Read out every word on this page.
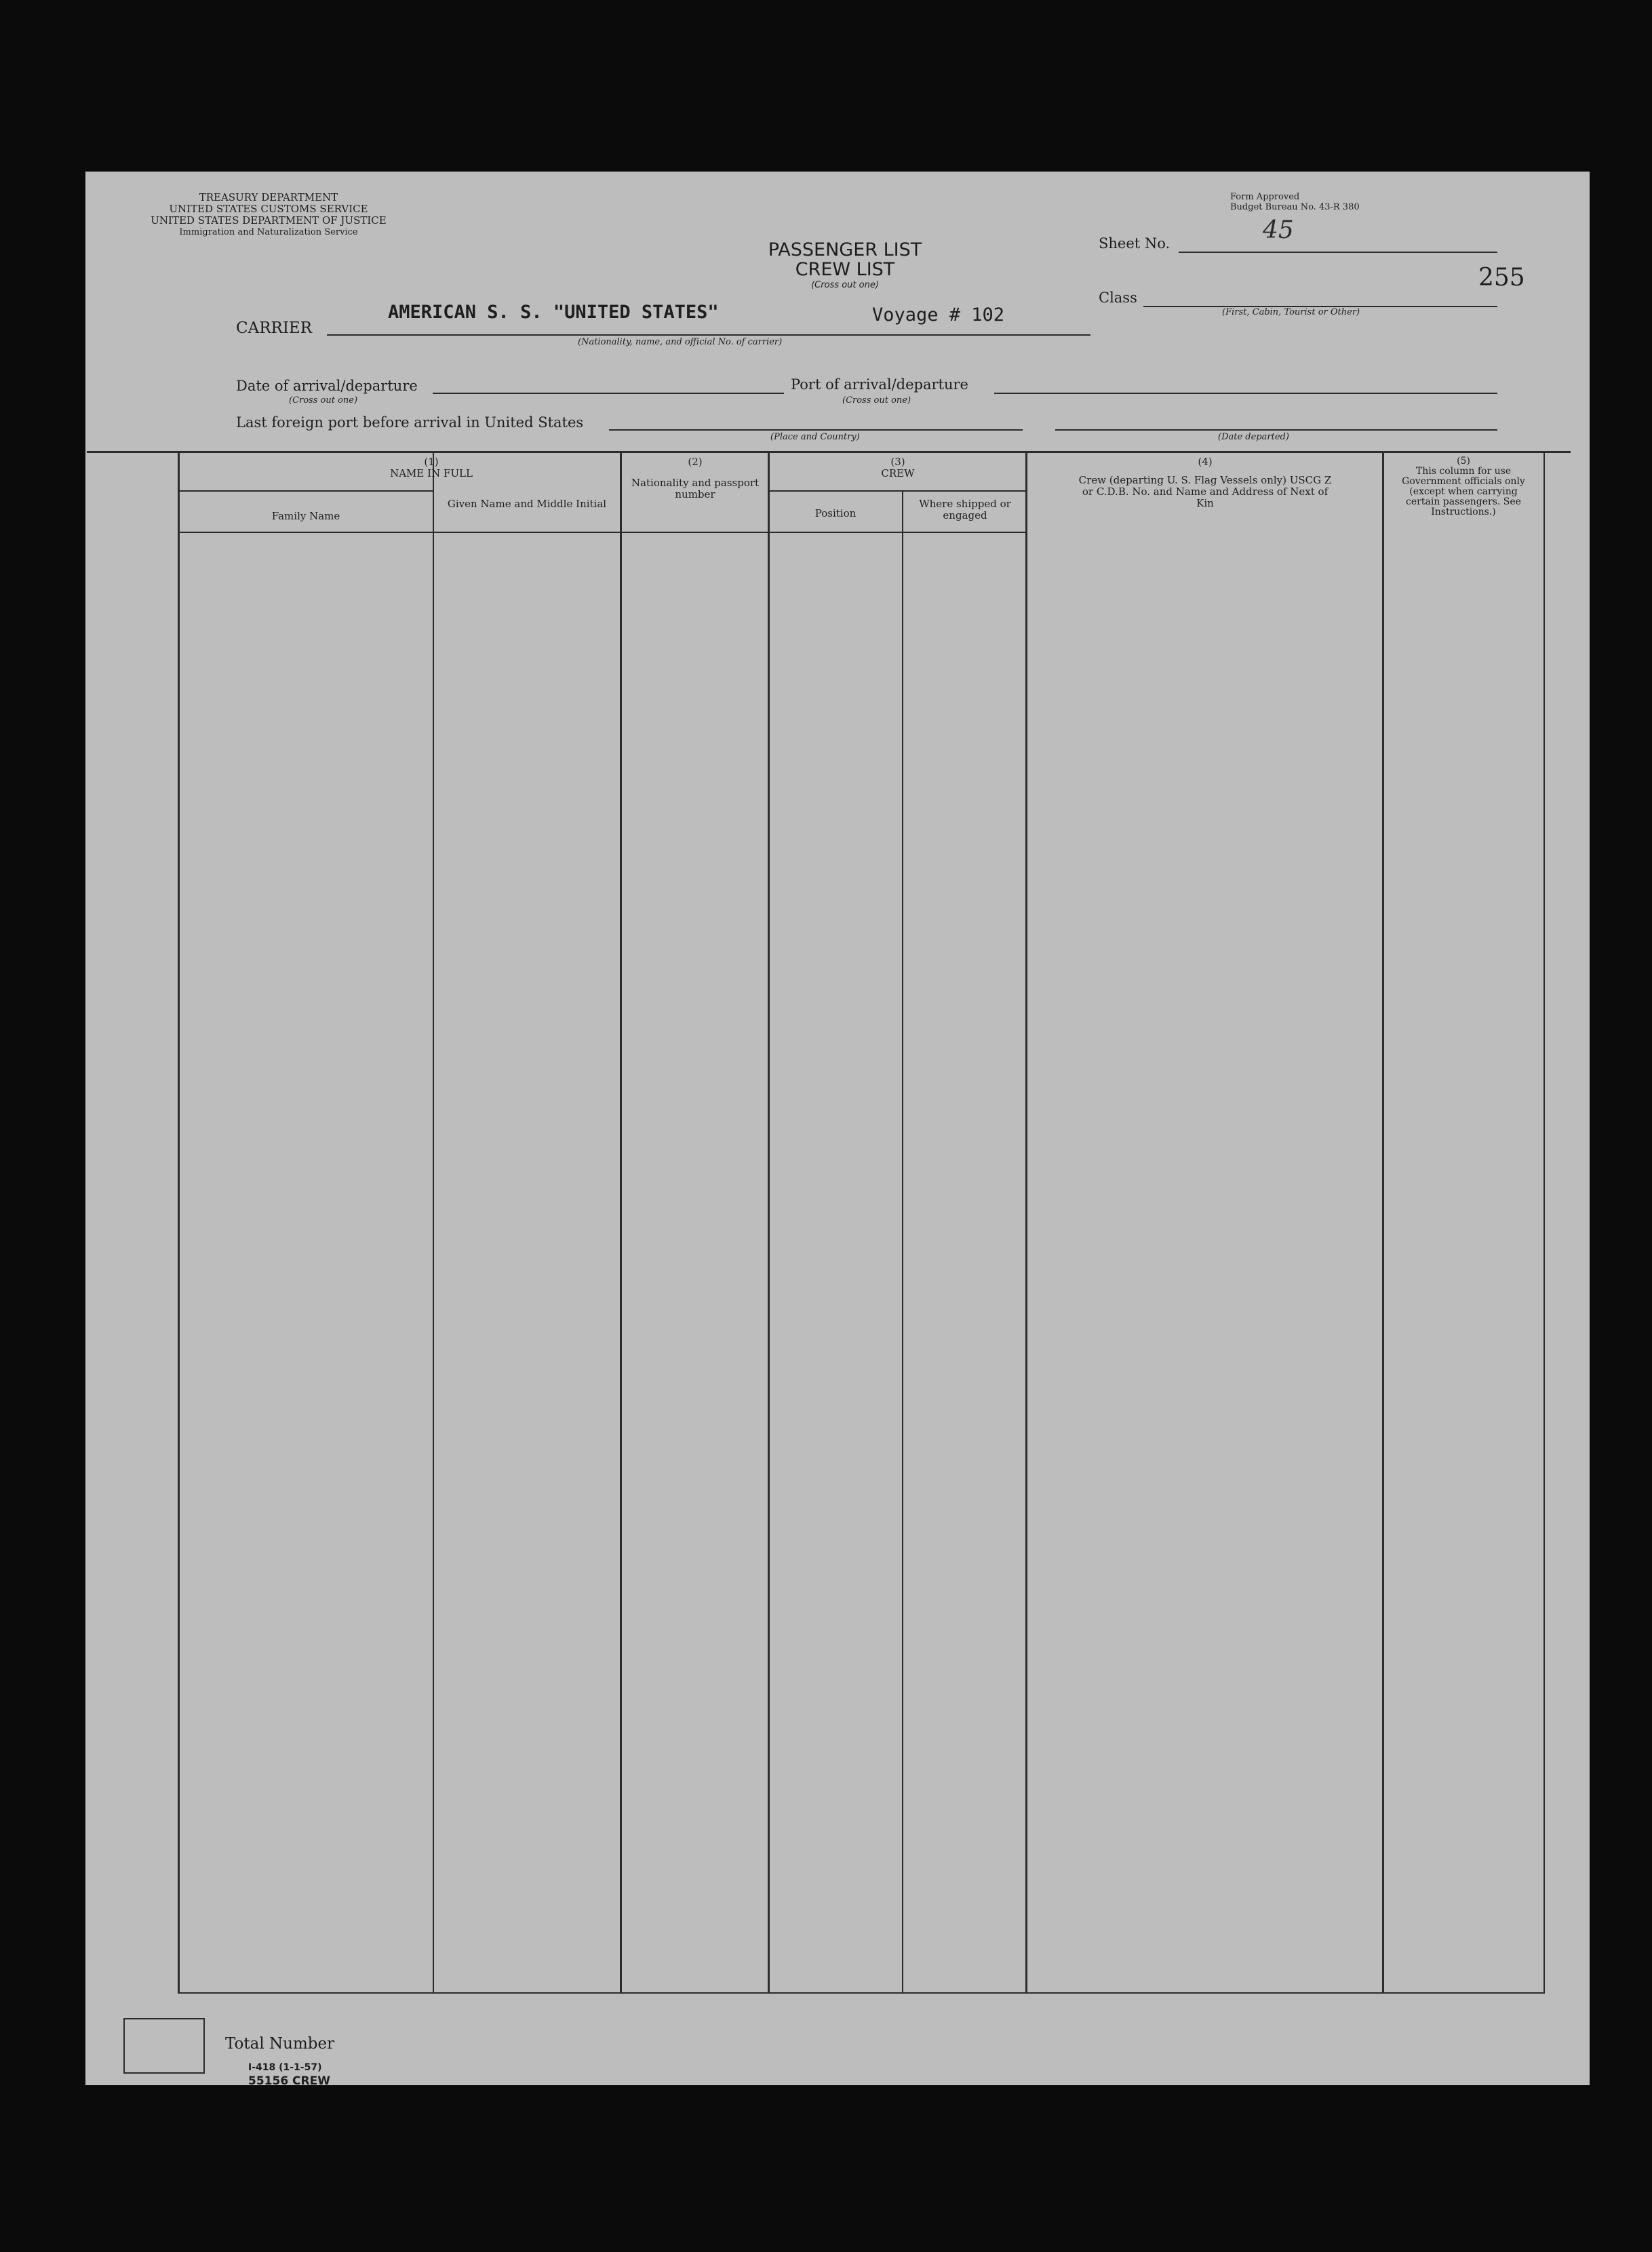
TREASURY DEPARTMENT
UNITED STATES CUSTOMS SERVICE
UNITED STATES DEPARTMENT OF JUSTICE
Immigration and Naturalization Service
Form Approved
Budget Bureau No. 43-R 380
PASSENGER LIST
CREW LIST
(Cross out one)
Sheet No.	45
255
Class
(First, Cabin, Tourist or Other)
CARRIER
AMERICAN S. S. "UNITED STATES"	Voyage # 102
(Nationality, name, and official No. of carrier)
Date of arrival/departure
(Cross out one)
Port of arrival/departure
(Cross out one)
Last foreign port before arrival in United States
(Place and Country)	(Date departed)
(1)
NAME IN FULL
Family Name
Given Name and Middle Initial
(2)
Nationality and passport number
(3)
CREW
Position
Where shipped or engaged
(4)
Crew (departing U. S. Flag Vessels only) USCG Z or C.D.B. No. and Name and Address of Next of Kin
(5)
This column for use Government officials only (except when carrying certain passengers. See Instructions.)
Total Number
I-418 (1-1-57)
55156 CREW
